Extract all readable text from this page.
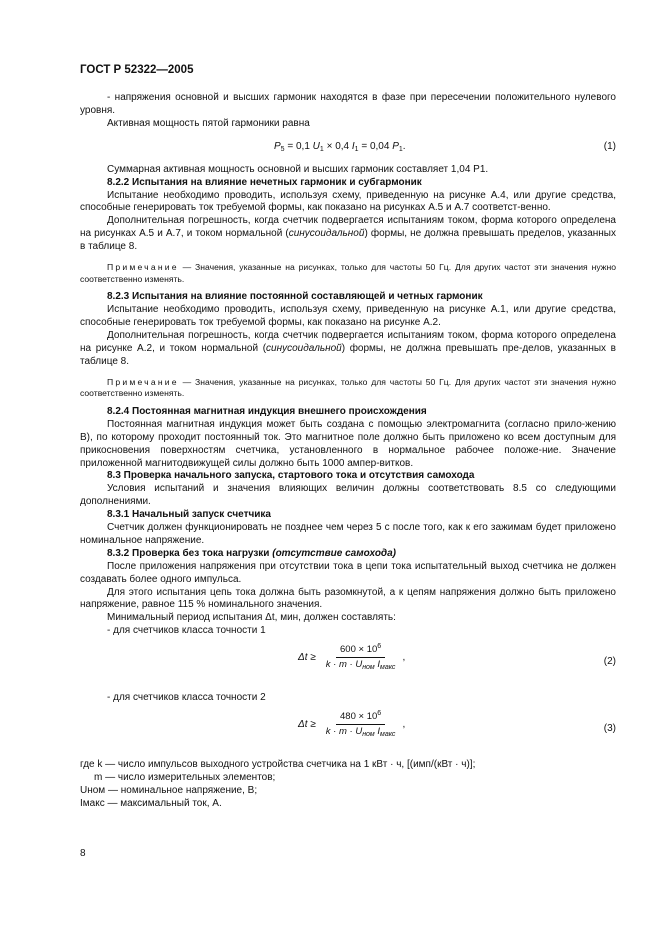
ГОСТ Р 52322—2005

- напряжения основной и высших гармоник находятся в фазе при пересечении положительного нулевого уровня.

Активная мощность пятой гармоники равна

$P_5 = 0,1$ $U_1 \times 0,4$ $I_1 = 0,04$ $P_1$.	(1)

Суммарная активная мощность основной и высших гармоник составляет 1,04 P1.

8.2.2 Испытания на влияние нечетных гармоник и субгармоник

Испытание необходимо проводить, используя схему, приведенную на рисунке А.4, или другие средства, способные генерировать ток требуемой формы, как показано на рисунках А.5 и А.7 соответст-венно.

Дополнительная погрешность, когда счетчик подвергается испытаниям током, форма которого определена на рисунках А.5 и А.7, и током нормальной (синусоидальной) формы, не должна превышать пределов, указанных в таблице 8.

Примечание — Значения, указанные на рисунках, только для частоты 50 Гц. Для других частот эти значения нужно соответственно изменять.

8.2.3 Испытания на влияние постоянной составляющей и четных гармоник

Испытание необходимо проводить, используя схему, приведенную на рисунке А.1, или другие средства, способные генерировать ток требуемой формы, как показано на рисунке А.2.

Дополнительная погрешность, когда счетчик подвергается испытаниям током, форма которого определена на рисунке А.2, и током нормальной (синусоидальной) формы, не должна превышать пре-делов, указанных в таблице 8.

Примечание — Значения, указанные на рисунках, только для частоты 50 Гц. Для других частот эти значения нужно соответственно изменять.

8.2.4 Постоянная магнитная индукция внешнего происхождения

Постоянная магнитная индукция может быть создана с помощью электромагнита (согласно прило-жению В), по которому проходит постоянный ток. Это магнитное поле должно быть приложено ко всем доступным для прикосновения поверхностям счетчика, установленного в нормальное рабочее положе-ние. Значение приложенной магнитодвижущей силы должно быть 1000 ампер-витков.

8.3 Проверка начального запуска, стартового тока и отсутствия самохода

Условия испытаний и значения влияющих величин должны соответствовать 8.5 со следующими дополнениями.

8.3.1 Начальный запуск счетчика

Счетчик должен функционировать не позднее чем через 5 с после того, как к его зажимам будет приложено номинальное напряжение.

8.3.2 Проверка без тока нагрузки (отсутствие самохода)

После приложения напряжения при отсутствии тока в цепи тока испытательный выход счетчика не должен создавать более одного импульса.

Для этого испытания цепь тока должна быть разомкнутой, а к цепям напряжения должно быть приложено напряжение, равное 115 % номинального значения.

Минимальный период испытания Δt, мин, должен составлять:

- для счетчиков класса точности 1

$\Delta t \ge \frac{600 \times 10^6}{k \cdot m \cdot U_{ном} I_{макс}}$ ,	(2)

- для счетчиков класса точности 2

$\Delta t \ge \frac{480 \times 10^6}{k \cdot m \cdot U_{ном} I_{макс}}$ ,	(3)

где k — число импульсов выходного устройства счетчика на 1 кВт · ч, [(имп/(кВт · ч)];

m — число измерительных элементов;

Uном — номинальное напряжение, В;

Iмакс — максимальный ток, А.

8
